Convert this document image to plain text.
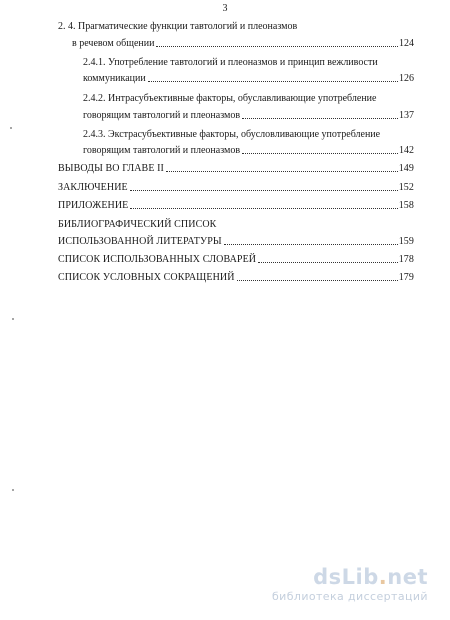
3
2. 4. Прагматические функции тавтологий и плеоназмов
в речевом общении	124
2.4.1. Употребление тавтологий и плеоназмов и принцип вежливости
коммуникации	126
2.4.2. Интрасубъективные факторы, обуславливающие употребление
говорящим тавтологий и плеоназмов	137
2.4.3. Экстрасубъективные факторы, обусловливающие употребление
говорящим тавтологий и плеоназмов	142
ВЫВОДЫ ВО ГЛАВЕ II	149
ЗАКЛЮЧЕНИЕ	152
ПРИЛОЖЕНИЕ	158
БИБЛИОГРАФИЧЕСКИЙ СПИСОК
ИСПОЛЬЗОВАННОЙ ЛИТЕРАТУРЫ	159
СПИСОК ИСПОЛЬЗОВАННЫХ СЛОВАРЕЙ	178
СПИСОК УСЛОВНЫХ СОКРАЩЕНИЙ	179
dsLib.net
библиотека диссертаций
